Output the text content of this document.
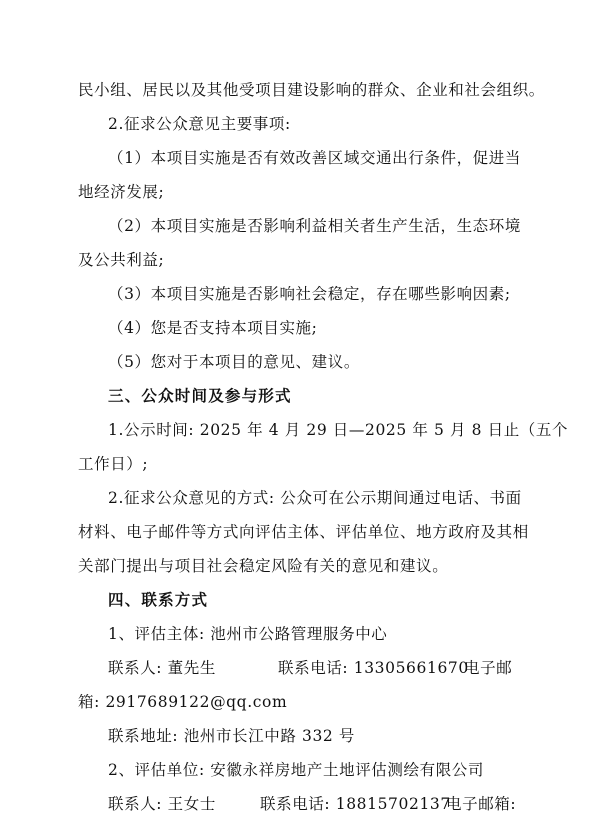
民小组、居民以及其他受项目建设影响的群众、企业和社会组织。
2.征求公众意见主要事项:
（1）本项目实施是否有效改善区域交通出行条件，促进当
地经济发展;
（2）本项目实施是否影响利益相关者生产生活，生态环境
及公共利益;
（3）本项目实施是否影响社会稳定，存在哪些影响因素;
（4）您是否支持本项目实施;
（5）您对于本项目的意见、建议。
三、公众时间及参与形式
1.公示时间: 2025 年 4 月 29 日—2025 年 5 月 8 日止（五个
工作日）;
2.征求公众意见的方式: 公众可在公示期间通过电话、书面
材料、电子邮件等方式向评估主体、评估单位、地方政府及其相
关部门提出与项目社会稳定风险有关的意见和建议。
四、联系方式
1、评估主体: 池州市公路管理服务中心
联系人: 董先生	联系电话: 13305661670
电子邮
箱: 2917689122@qq.com
联系地址: 池州市长江中路 332 号
2、评估单位: 安徽永祥房地产土地评估测绘有限公司
联系人: 王女士	联系电话: 18815702137
电子邮箱:
